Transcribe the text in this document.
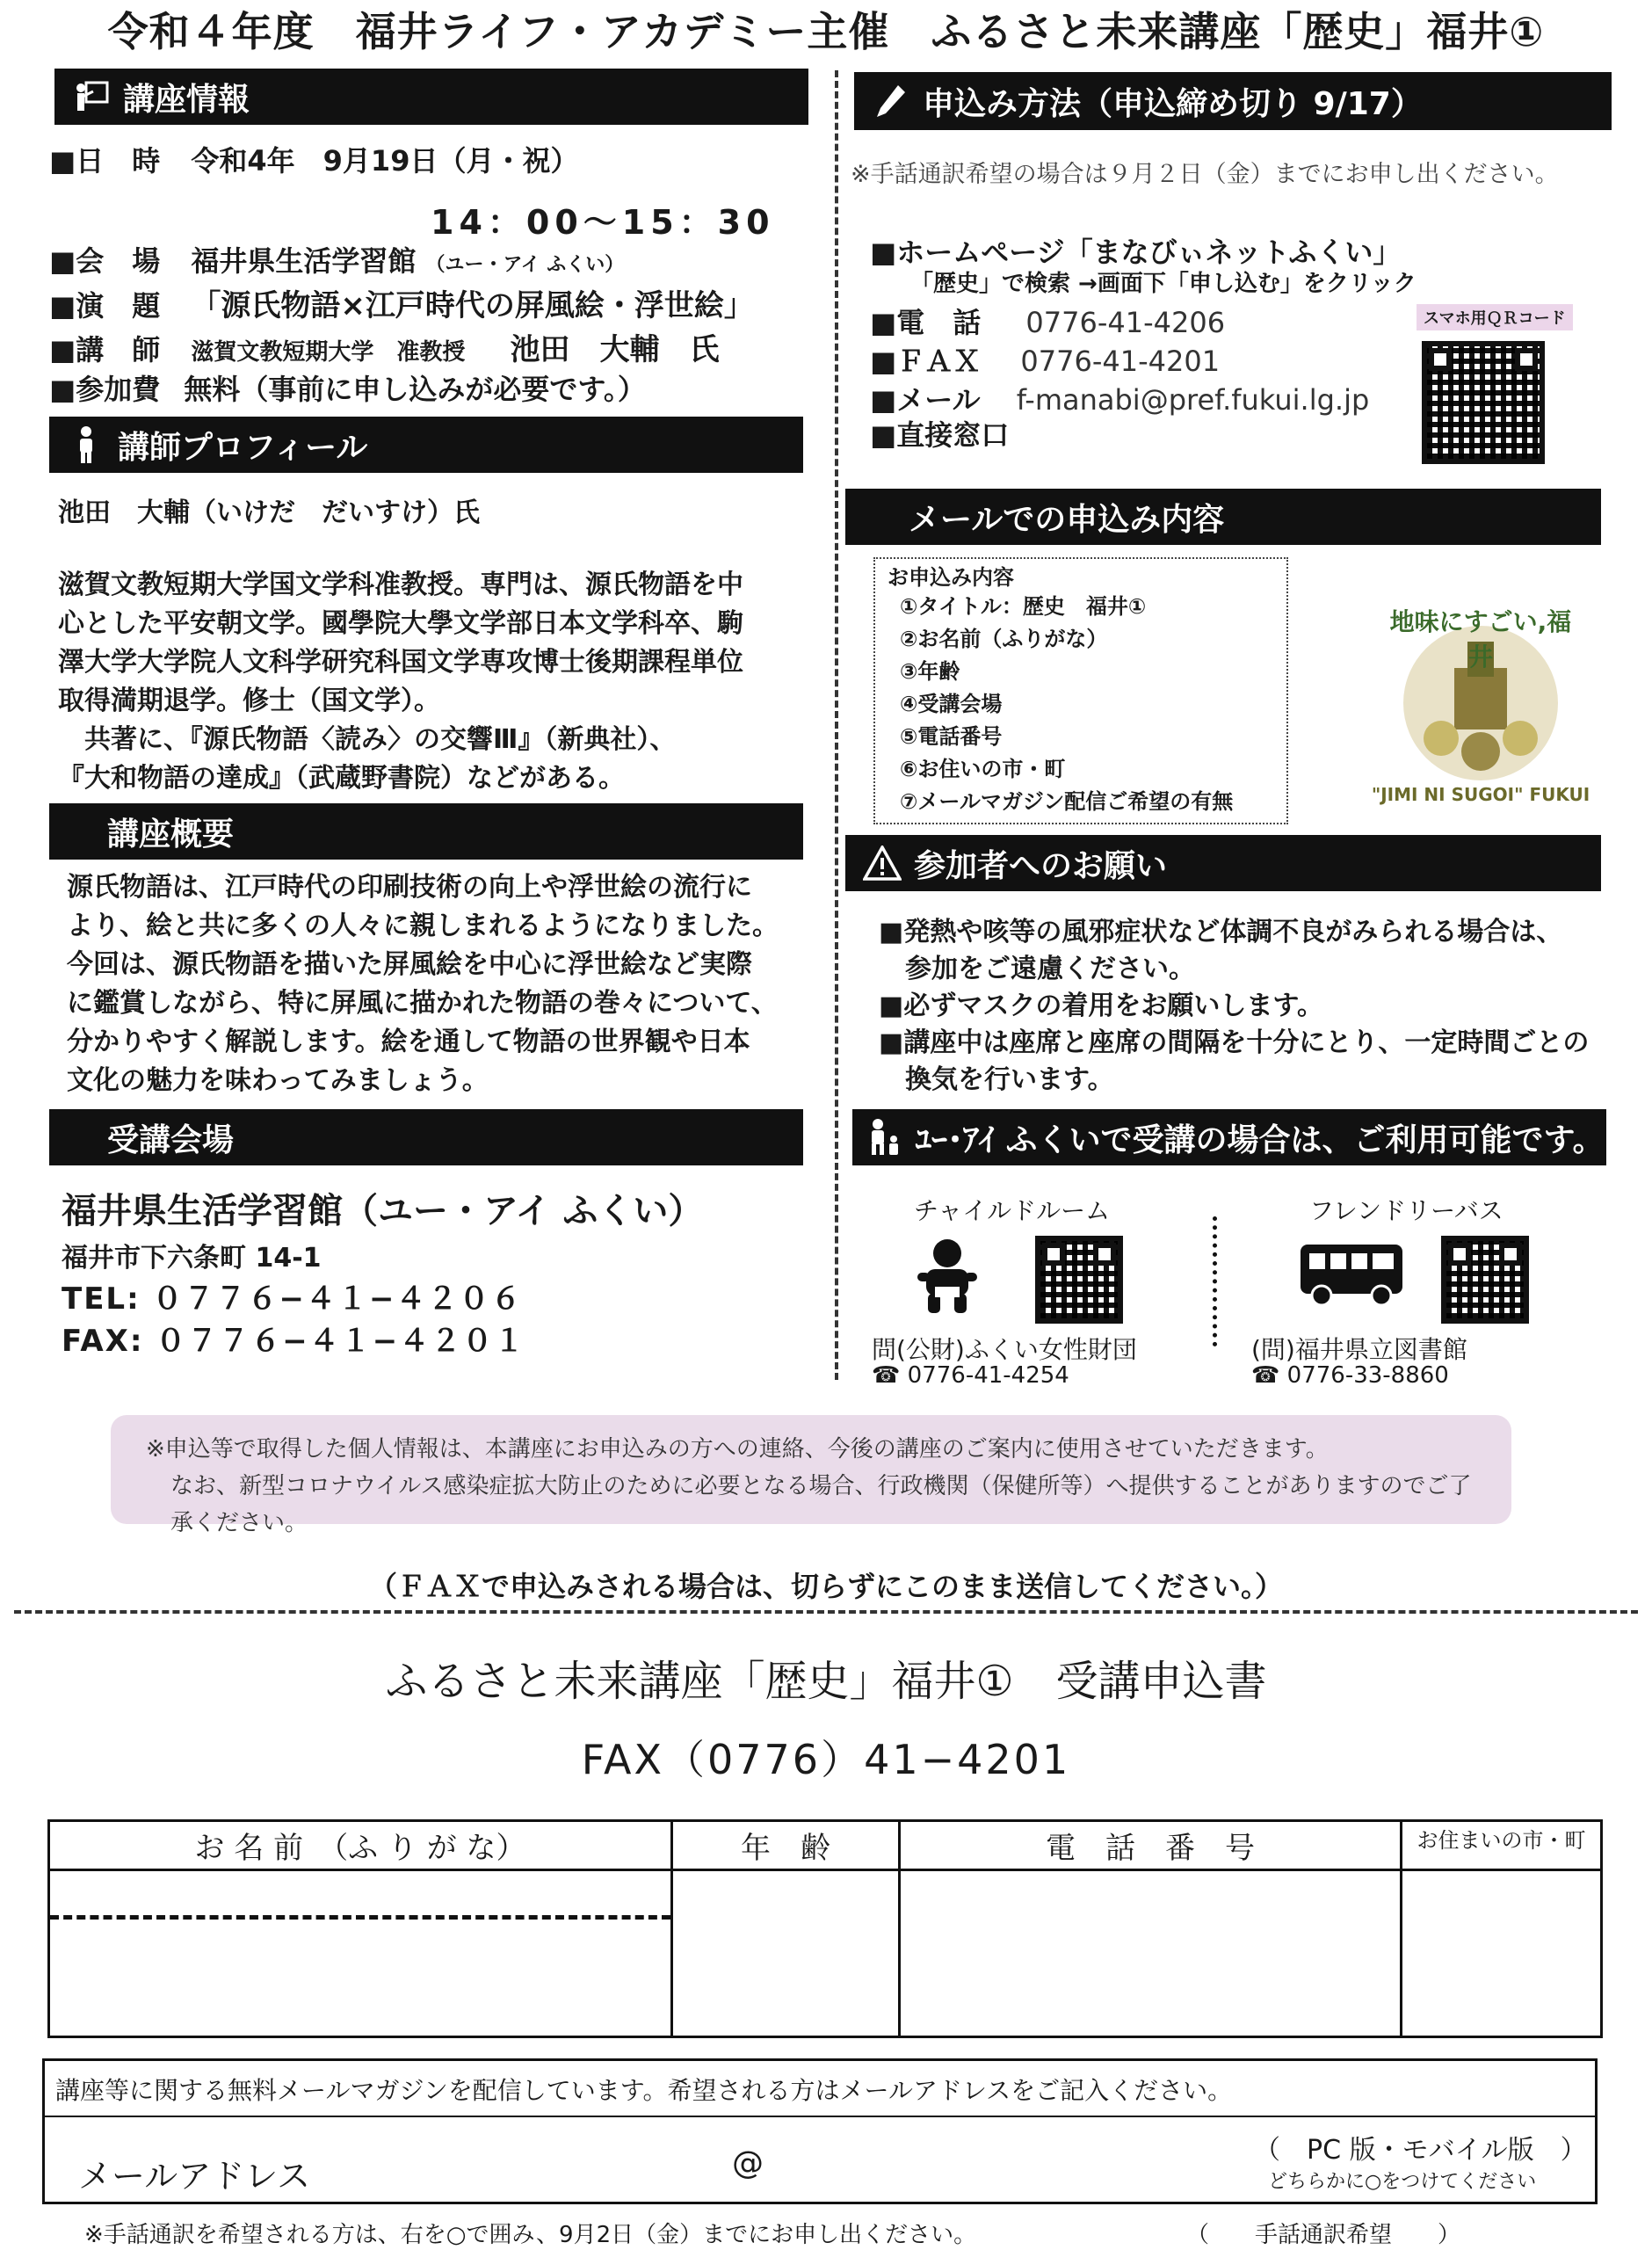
令和４年度　福井ライフ・アカデミー主催　ふるさと未来講座「歴史」福井①
講座情報
■日　時 令和4年　9月19日（月・祝）
14：00〜15：30
■会　場 福井県生活学習館 （ユー・アイ ふくい）
■演　題 「源氏物語×江戸時代の屏風絵・浮世絵」
■講　師 滋賀文教短期大学　准教授 池田　大輔　氏
■参加費 無料（事前に申し込みが必要です。）
講師プロフィール
池田　大輔（いけだ　だいすけ）氏
滋賀文教短期大学国文学科准教授。専門は、源氏物語を中
心とした平安朝文学。國學院大學文学部日本文学科卒、駒
澤大学大学院人文科学研究科国文学専攻博士後期課程単位
取得満期退学。修士（国文学）。
　共著に、『源氏物語〈読み〉の交響Ⅲ』（新典社）、
『大和物語の達成』（武蔵野書院）などがある。
講座概要
源氏物語は、江戸時代の印刷技術の向上や浮世絵の流行に
より、絵と共に多くの人々に親しまれるようになりました。
今回は、源氏物語を描いた屏風絵を中心に浮世絵など実際
に鑑賞しながら、特に屏風に描かれた物語の巻々について、
分かりやすく解説します。絵を通して物語の世界観や日本
文化の魅力を味わってみましょう。
受講会場
福井県生活学習館（ユー・アイ ふくい）
福井市下六条町 14-1
TEL: ０７７６−４１−４２０６
FAX: ０７７６−４１−４２０１
申込み方法（申込締め切り 9/17）
※手話通訳希望の場合は９月２日（金）までにお申し出ください。
■ホームページ「まなびぃネットふくい」
「歴史」で検索 →画面下「申し込む」をクリック
■電　話 0776-41-4206
■ＦＡＸ 0776-41-4201
■メール f-manabi@pref.fukui.lg.jp
■直接窓口
スマホ用ＱＲコード
メールでの申込み内容
お申込み内容
①タイトル：歴史　福井①
②お名前（ふりがな）
③年齢
④受講会場
⑤電話番号
⑥お住いの市・町
⑦メールマガジン配信ご希望の有無
地味にすごい,福井
"JIMI NI SUGOI" FUKUI
参加者へのお願い
■発熱や咳等の風邪症状など体調不良がみられる場合は、
　参加をご遠慮ください。
■必ずマスクの着用をお願いします。
■講座中は座席と座席の間隔を十分にとり、一定時間ごとの
　換気を行います。
ﾕｰ･ｱｲ ふくいで受講の場合は、ご利用可能です。
チャイルドルーム
問(公財)ふくい女性財団
☎ 0776-41-4254
フレンドリーバス
(問)福井県立図書館
☎ 0776-33-8860
※申込等で取得した個人情報は、本講座にお申込みの方への連絡、今後の講座のご案内に使用させていただきます。
なお、新型コロナウイルス感染症拡大防止のために必要となる場合、行政機関（保健所等）へ提供することがありますのでご了承ください。
（ＦＡＸで申込みされる場合は、切らずにこのまま送信してください。）
ふるさと未来講座「歴史」福井①　受講申込書
FAX（0776）41−4201
お 名 前　（ふ り が な）	年　齢	電　話　番　号	お住まいの市・町

講座等に関する無料メールマガジンを配信しています。希望される方はメールアドレスをご記入ください。
メールアドレス	@	（　PC 版・モバイル版　）
どちらかに○をつけてください
※手話通訳を希望される方は、右を○で囲み、9月2日（金）までにお申し出ください。	（　　手話通訳希望　　）
